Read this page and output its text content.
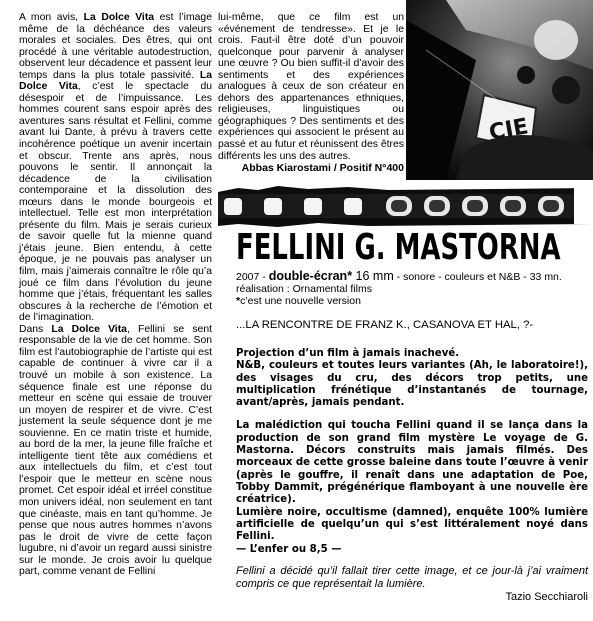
A mon avis, La Dolce Vita est l’image même de la déchéance des valeurs morales et sociales. Des êtres, qui ont procédé à une véritable autodestruction, observent leur décadence et passent leur temps dans la plus totale passivité. La Dolce Vita, c’est le spectacle du désespoir et de l’impuissance. Les hommes courent sans espoir après des aventures sans résultat et Fellini, comme avant lui Dante, à prévu à travers cette incohérence poétique un avenir incertain et obscur. Trente ans après, nous pouvons le sentir. Il annonçait la décadence de la civilisation contemporaine et la dissolution des mœurs dans le monde bourgeois et intellectuel. Telle est mon interprétation présente du film. Mais je serais curieux de savoir quelle fut la mienne quand j’étais jeune. Bien entendu, à cette époque, je ne pouvais pas analyser un film, mais j’aimerais connaître le rôle qu’a joué ce film dans l’évolution du jeune homme que j’étais, fréquentant les salles obscures à la recherche de l’émotion et de l’imagination.

Dans La Dolce Vita, Fellini se sent responsable de la vie de cet homme. Son film est l’autobiographie de l’artiste qui est capable de continuer à vivre car il a trouvé un mobile à son existence. La séquence finale est une réponse du metteur en scène qui essaie de trouver un moyen de respirer et de vivre. C’est justement la seule séquence dont je me souvienne. En ce matin triste et humide, au bord de la mer, la jeune fille fraîche et intelligente tient tête aux comédiens et aux intellectuels du film, et c’est tout l’espoir que le metteur en scène nous promet. Cet espoir idéal et irréel constitue mon univers idéal, non seulement en tant que cinéaste, mais en tant qu’homme. Je pense que nous autres hommes n’avons pas le droit de vivre de cette façon lugubre, ni d’avoir un regard aussi sinistre sur le monde. Je crois avoir lu quelque part, comme venant de Fellini

lui-même, que ce film est un «événement de tendresse». Et je le crois. Faut-il être doté d’un pouvoir quelconque pour parvenir à analyser une œuvre ? Ou bien suffit-il d’avoir des sentiments et des expériences analogues à ceux de son créateur en dehors des appartenances ethniques, religieuses, linguistiques ou géographiques ? Des sentiments et des expériences qui associent le présent au passé et au futur et réunissent des êtres différents les uns des autres.

Abbas Kiarostami / Positif N°400
CIE
FELLINI G. MASTORNA
2007 - double-écran* 16 mm - sonore - couleurs et N&B - 33 mn.
réalisation : Ornamental films
*c’est une nouvelle version
...LA RENCONTRE DE FRANZ K., CASANOVA ET HAL, ?-

Projection d’un film à jamais inachevé.
N&B, couleurs et toutes leurs variantes (Ah, le laboratoire!), des visages du cru, des décors trop petits, une multiplication frénétique d’instantanés de tournage, avant/après, jamais pendant.

La malédiction qui toucha Fellini quand il se lança dans la production de son grand film mystère Le voyage de G. Mastorna. Décors construits mais jamais filmés. Des morceaux de cette grosse baleine dans toute l’œuvre à venir (après le gouffre, il renaît dans une adaptation de Poe, Tobby Dammit, prégénérique flamboyant à une nouvelle ère créatrice).
Lumière noire, occultisme (damned), enquête 100% lumière artificielle de quelqu’un qui s’est littéralement noyé dans Fellini.

— L’enfer ou 8,5 —
Fellini a décidé qu’il fallait tirer cette image, et ce jour-là j’ai vraiment compris ce que représentait la lumière.
Tazio Secchiaroli
